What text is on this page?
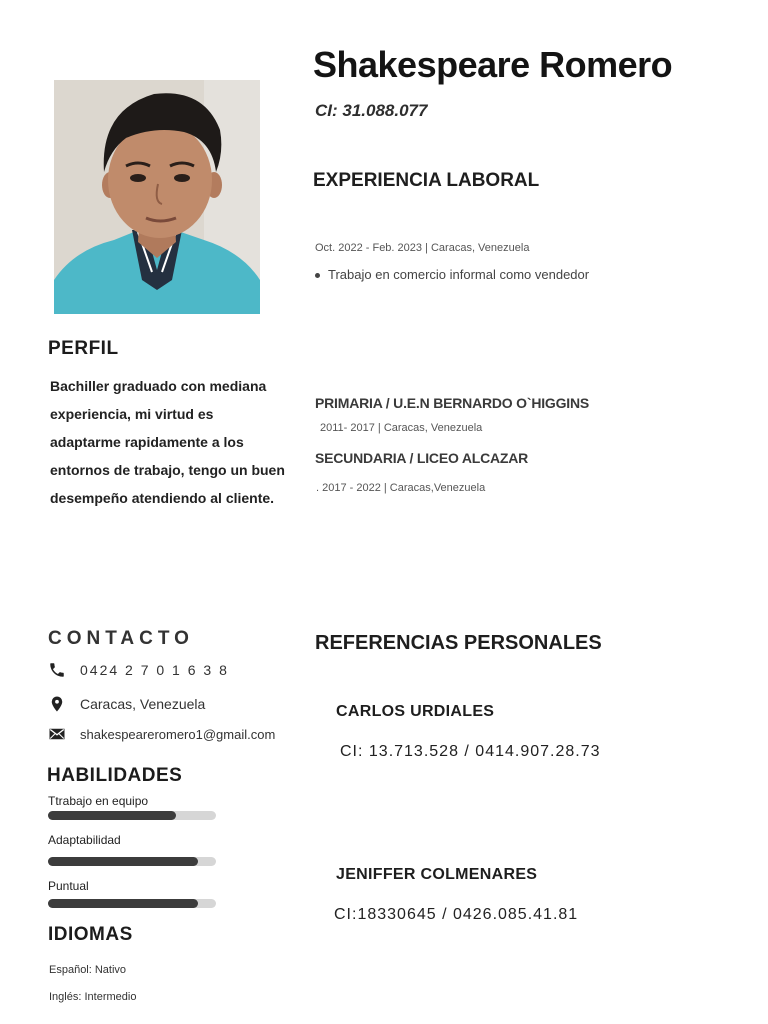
Shakespeare Romero
CI: 31.088.077
EXPERIENCIA LABORAL
Oct. 2022 - Feb. 2023 | Caracas, Venezuela
Trabajo en comercio informal como vendedor
PRIMARIA / U.E.N BERNARDO O`HIGGINS
2011- 2017 | Caracas, Venezuela
SECUNDARIA / LICEO ALCAZAR
. 2017 - 2022 | Caracas,Venezuela
PERFIL
Bachiller graduado con mediana experiencia, mi virtud es adaptarme rapidamente a los entornos de trabajo, tengo un buen desempeño atendiendo al cliente.
CONTACTO
0424 2 7 0 1 6 3 8
Caracas, Venezuela
shakespeareromero1@gmail.com
HABILIDADES
Ttrabajo en equipo
Adaptabilidad
Puntual
IDIOMAS
Español: Nativo
Inglés: Intermedio
REFERENCIAS PERSONALES
CARLOS URDIALES
CI: 13.713.528 / 0414.907.28.73
JENIFFER COLMENARES
CI:18330645 / 0426.085.41.81
